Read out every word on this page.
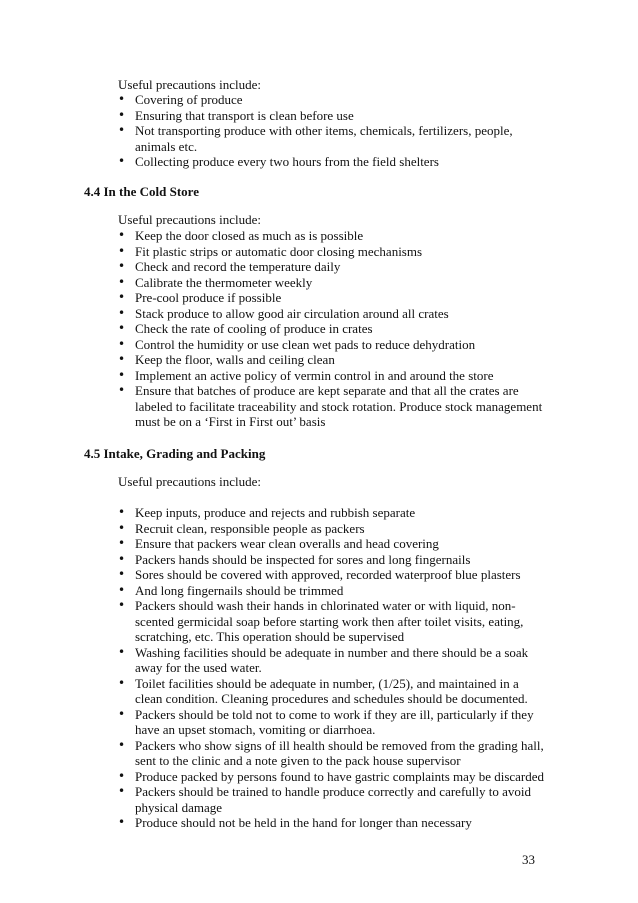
Useful precautions include:

• Covering of produce
• Ensuring that transport is clean before use
• Not transporting produce with other items, chemicals, fertilizers, people, animals etc.
• Collecting produce every two hours from the field shelters

4.4 In the Cold Store

Useful precautions include:

• Keep the door closed as much as is possible
• Fit plastic strips or automatic door closing mechanisms
• Check and record the temperature daily
• Calibrate the thermometer weekly
• Pre-cool produce if possible
• Stack produce to allow good air circulation around all crates
• Check the rate of cooling of produce in crates
• Control the humidity or use clean wet pads to reduce dehydration
• Keep the floor, walls and ceiling clean
• Implement an active policy of vermin control in and around the store
• Ensure that batches of produce are kept separate and that all the crates are labeled to facilitate traceability and stock rotation. Produce stock management must be on a ‘First in First out’ basis

4.5 Intake, Grading and Packing

Useful precautions include:

• Keep inputs, produce and rejects and rubbish separate
• Recruit clean, responsible people as packers
• Ensure that packers wear clean overalls and head covering
• Packers hands should be inspected for sores and long fingernails
• Sores should be covered with approved, recorded waterproof blue plasters
• And long fingernails should be trimmed
• Packers should wash their hands in chlorinated water or with liquid, non-scented germicidal soap before starting work then after toilet visits, eating, scratching, etc. This operation should be supervised
• Washing facilities should be adequate in number and there should be a soak away for the used water.
• Toilet facilities should be adequate in number, (1/25), and maintained in a clean condition. Cleaning procedures and schedules should be documented.
• Packers should be told not to come to work if they are ill, particularly if they have an upset stomach, vomiting or diarrhoea.
• Packers who show signs of ill health should be removed from the grading hall, sent to the clinic and a note given to the pack house supervisor
• Produce packed by persons found to have gastric complaints may be discarded
• Packers should be trained to handle produce correctly and carefully to avoid physical damage
• Produce should not be held in the hand for longer than necessary

33
